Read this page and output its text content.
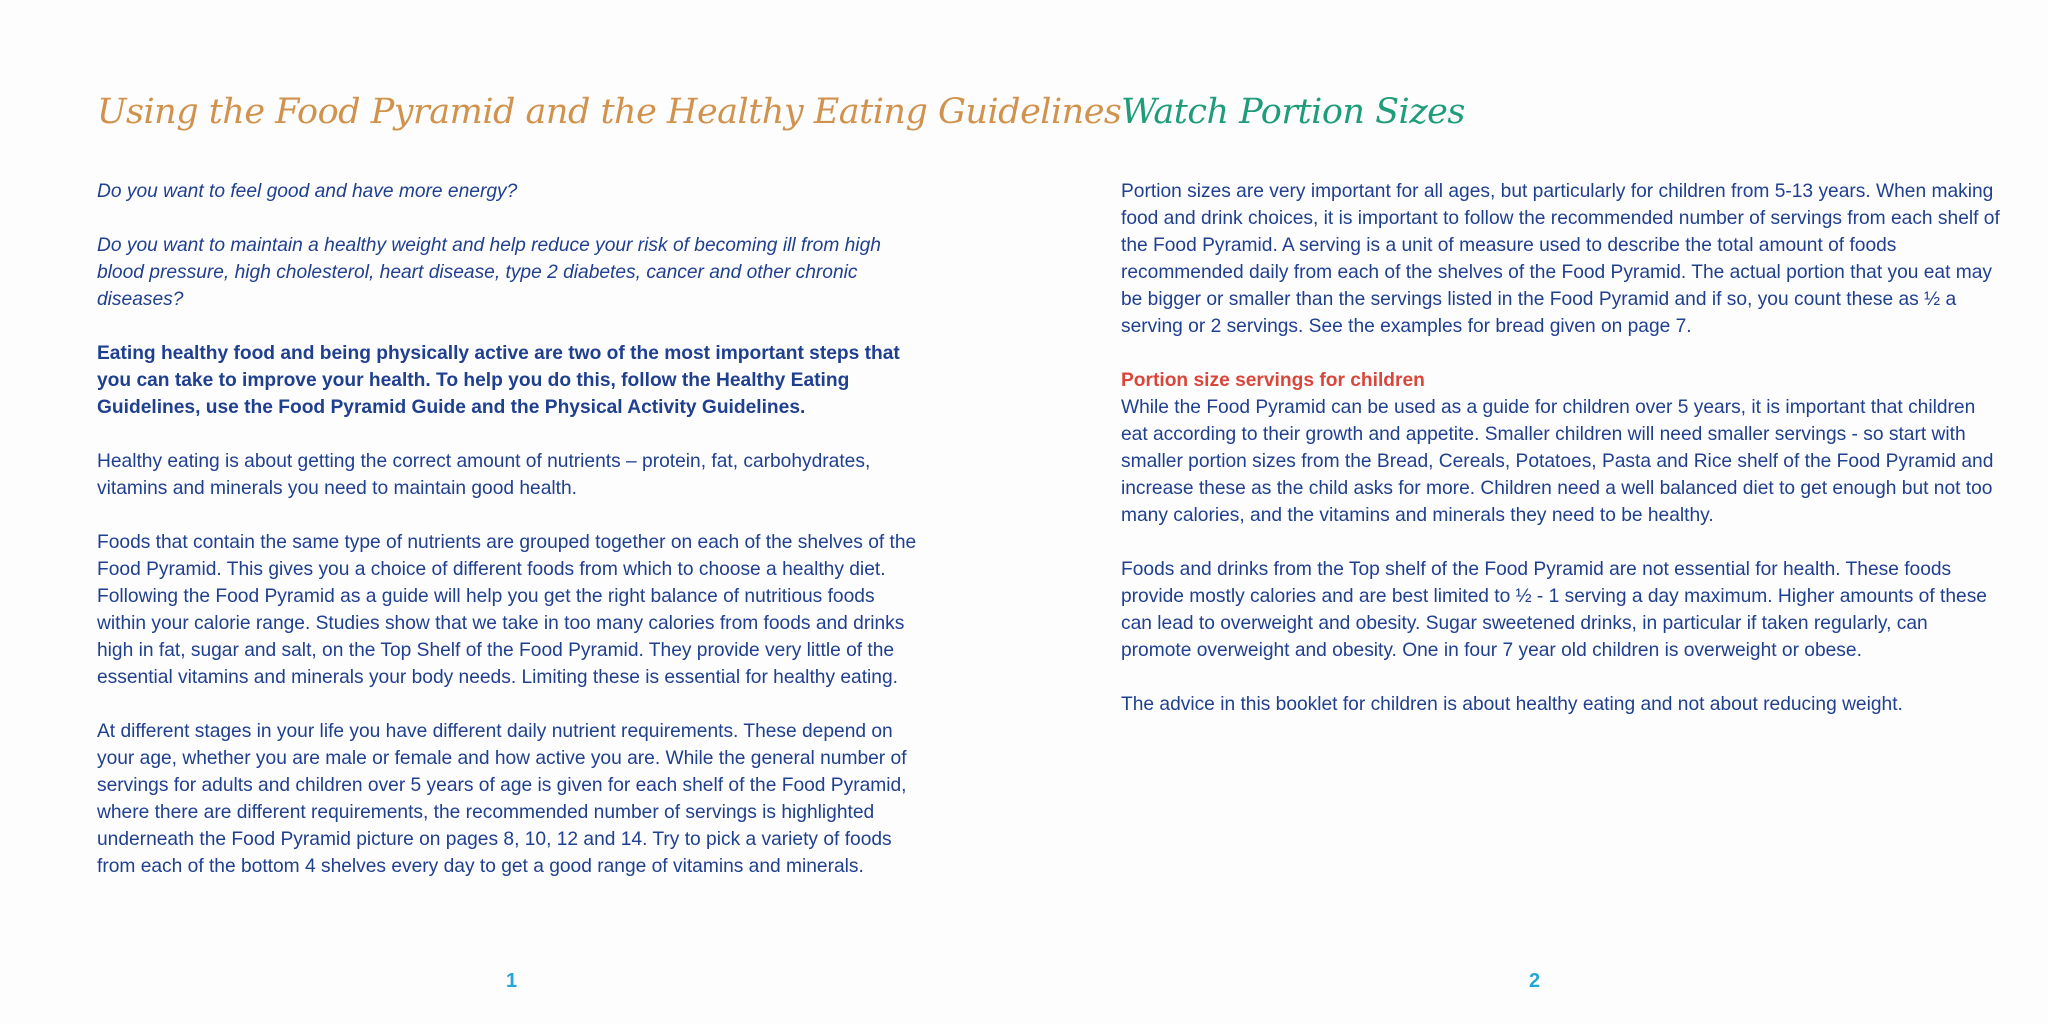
Using the Food Pyramid and the Healthy Eating Guidelines

Do you want to feel good and have more energy?

Do you want to maintain a healthy weight and help reduce your risk of becoming ill from high blood pressure, high cholesterol, heart disease, type 2 diabetes, cancer and other chronic diseases?

Eating healthy food and being physically active are two of the most important steps that you can take to improve your health. To help you do this, follow the Healthy Eating Guidelines, use the Food Pyramid Guide and the Physical Activity Guidelines.

Healthy eating is about getting the correct amount of nutrients – protein, fat, carbohydrates, vitamins and minerals you need to maintain good health.

Foods that contain the same type of nutrients are grouped together on each of the shelves of the Food Pyramid. This gives you a choice of different foods from which to choose a healthy diet. Following the Food Pyramid as a guide will help you get the right balance of nutritious foods within your calorie range. Studies show that we take in too many calories from foods and drinks high in fat, sugar and salt, on the Top Shelf of the Food Pyramid. They provide very little of the essential vitamins and minerals your body needs. Limiting these is essential for healthy eating.

At different stages in your life you have different daily nutrient requirements. These depend on your age, whether you are male or female and how active you are. While the general number of servings for adults and children over 5 years of age is given for each shelf of the Food Pyramid, where there are different requirements, the recommended number of servings is highlighted underneath the Food Pyramid picture on pages 8, 10, 12 and 14. Try to pick a variety of foods from each of the bottom 4 shelves every day to get a good range of vitamins and minerals.

1
Watch Portion Sizes

Portion sizes are very important for all ages, but particularly for children from 5-13 years. When making food and drink choices, it is important to follow the recommended number of servings from each shelf of the Food Pyramid. A serving is a unit of measure used to describe the total amount of foods recommended daily from each of the shelves of the Food Pyramid. The actual portion that you eat may be bigger or smaller than the servings listed in the Food Pyramid and if so, you count these as ½ a serving or 2 servings. See the examples for bread given on page 7.

Portion size servings for children

While the Food Pyramid can be used as a guide for children over 5 years, it is important that children eat according to their growth and appetite. Smaller children will need smaller servings - so start with smaller portion sizes from the Bread, Cereals, Potatoes, Pasta and Rice shelf of the Food Pyramid and increase these as the child asks for more. Children need a well balanced diet to get enough but not too many calories, and the vitamins and minerals they need to be healthy.

Foods and drinks from the Top shelf of the Food Pyramid are not essential for health. These foods provide mostly calories and are best limited to ½ - 1 serving a day maximum. Higher amounts of these can lead to overweight and obesity. Sugar sweetened drinks, in particular if taken regularly, can promote overweight and obesity. One in four 7 year old children is overweight or obese.

The advice in this booklet for children is about healthy eating and not about reducing weight.

2
